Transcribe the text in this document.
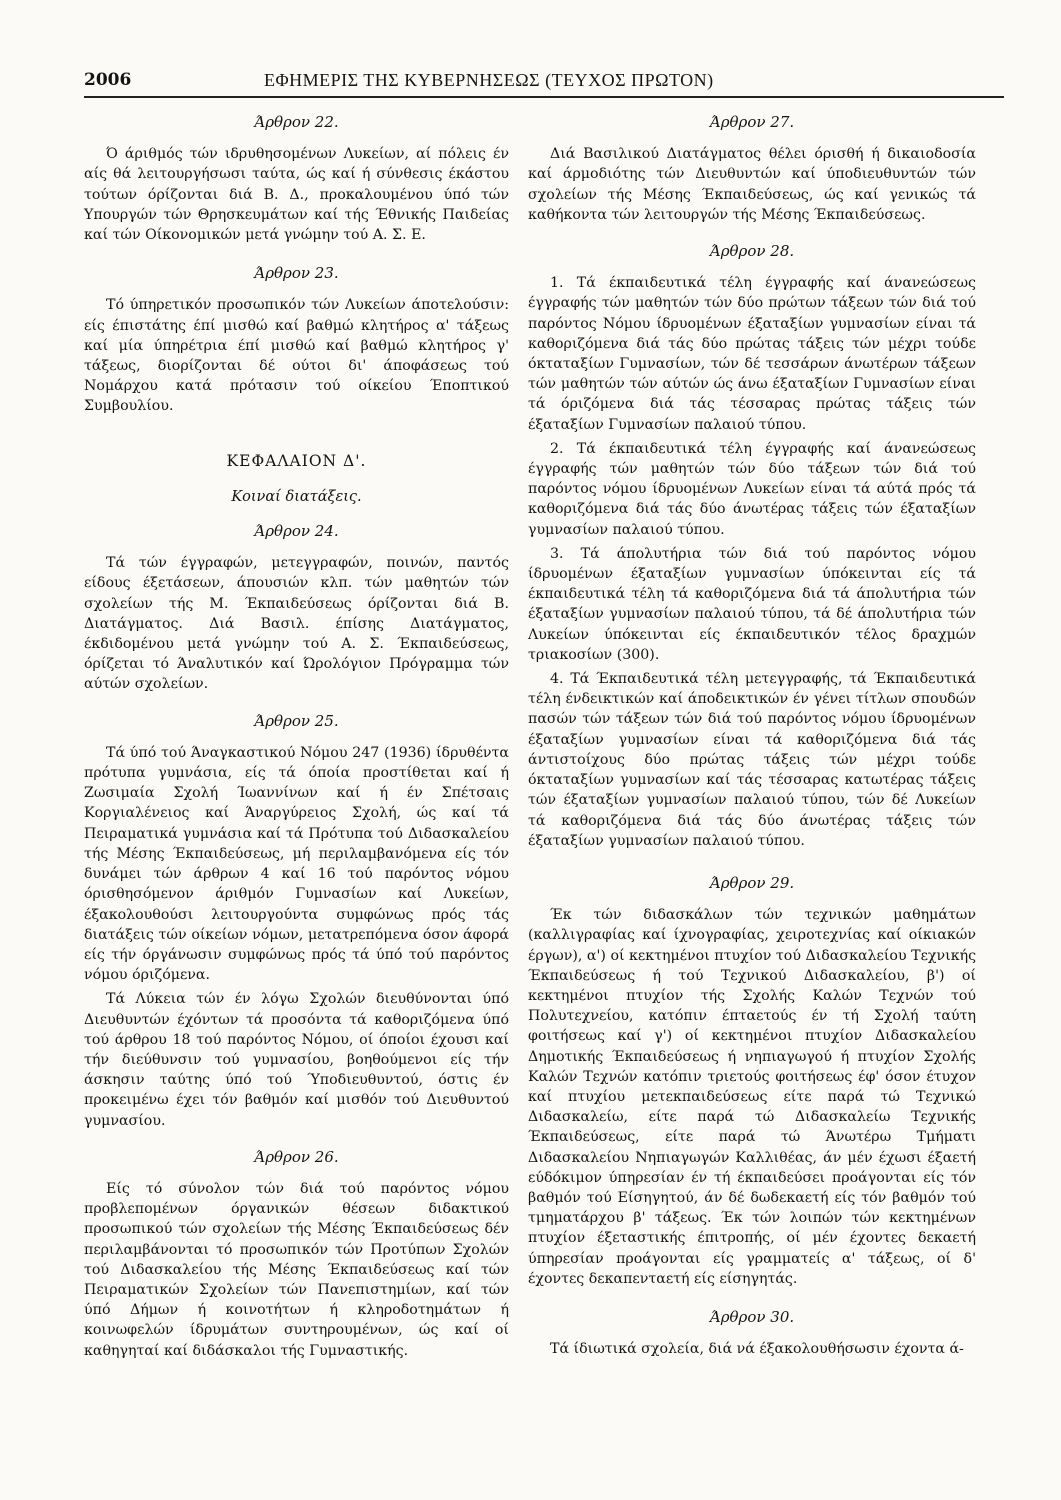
2006	ΕΦΗΜΕΡΙΣ ΤΗΣ ΚΥΒΕΡΝΗΣΕΩΣ (ΤΕΥΧΟΣ ΠΡΩΤΟΝ)
Άρθρον 22.

Ό άριθμός τών ιδρυθησομένων Λυκείων, αί πόλεις έν αίς θά λειτουργήσωσι ταύτα, ώς καί ή σύνθεσις έκάστου τούτων όρίζονται διά Β. Δ., προκαλουμένου ύπό τών Υπουργών τών Θρησκευμάτων καί τής Έθνικής Παιδείας καί τών Οίκονομικών μετά γνώμην τού Α. Σ. Ε.

Άρθρον 23.

Τό ύπηρετικόν προσωπικόν τών Λυκείων άποτελούσιν: είς έπιστάτης έπί μισθώ καί βαθμώ κλητήρος α' τάξεως καί μία ύπηρέτρια έπί μισθώ καί βαθμώ κλητήρος γ' τάξεως, διορίζονται δέ ούτοι δι' άποφάσεως τού Νομάρχου κατά πρότασιν τού οίκείου Έποπτικού Συμβουλίου.

ΚΕΦΑΛΑΙΟΝ Δ'.
Κοιναί διατάξεις.
Άρθρον 24.

Τά τών έγγραφών, μετεγγραφών, ποινών, παντός είδους έξετάσεων, άπουσιών κλπ. τών μαθητών τών σχολείων τής Μ. Έκπαιδεύσεως όρίζονται διά Β. Διατάγματος. Διά Βασιλ. έπίσης Διατάγματος, έκδιδομένου μετά γνώμην τού Α. Σ. Έκπαιδεύσεως, όρίζεται τό Άναλυτικόν καί Ώρολόγιον Πρόγραμμα τών αύτών σχολείων.

Άρθρον 25.

Τά ύπό τού Άναγκαστικού Νόμου 247 (1936) ίδρυθέντα πρότυπα γυμνάσια, είς τά όποία προστίθεται καί ή Ζωσιμαία Σχολή Ίωαννίνων καί ή έν Σπέτσαις Κοργιαλένειος καί Άναργύρειος Σχολή, ώς καί τά Πειραματικά γυμνάσια καί τά Πρότυπα τού Διδασκαλείου τής Μέσης Έκπαιδεύσεως, μή περιλαμβανόμενα είς τόν δυνάμει τών άρθρων 4 καί 16 τού παρόντος νόμου όρισθησόμενον άριθμόν Γυμνασίων καί Λυκείων, έξακολουθούσι λειτουργούντα συμφώνως πρός τάς διατάξεις τών οίκείων νόμων, μετατρεπόμενα όσον άφορά είς τήν όργάνωσιν συμφώνως πρός τά ύπό τού παρόντος νόμου όριζόμενα.

Τά Λύκεια τών έν λόγω Σχολών διευθύνονται ύπό Διευθυντών έχόντων τά προσόντα τά καθοριζόμενα ύπό τού άρθρου 18 τού παρόντος Νόμου, οί όποίοι έχουσι καί τήν διεύθυνσιν τού γυμνασίου, βοηθούμενοι είς τήν άσκησιν ταύτης ύπό τού Ύποδιευθυντού, όστις έν προκειμένω έχει τόν βαθμόν καί μισθόν τού Διευθυντού γυμνασίου.

Άρθρον 26.

Είς τό σύνολον τών διά τού παρόντος νόμου προβλεπομένων όργανικών θέσεων διδακτικού προσωπικού τών σχολείων τής Μέσης Έκπαιδεύσεως δέν περιλαμβάνονται τό προσωπικόν τών Προτύπων Σχολών τού Διδασκαλείου τής Μέσης Έκπαιδεύσεως καί τών Πειραματικών Σχολείων τών Πανεπιστημίων, καί τών ύπό Δήμων ή κοινοτήτων ή κληροδοτημάτων ή κοινωφελών ίδρυμάτων συντηρουμένων, ώς καί οί καθηγηταί καί διδάσκαλοι τής Γυμναστικής.

Άρθρον 27.

Διά Βασιλικού Διατάγματος θέλει όρισθή ή δικαιοδοσία καί άρμοδιότης τών Διευθυντών καί ύποδιευθυντών τών σχολείων τής Μέσης Έκπαιδεύσεως, ώς καί γενικώς τά καθήκοντα τών λειτουργών τής Μέσης Έκπαιδεύσεως.

Άρθρον 28.

1. Τά έκπαιδευτικά τέλη έγγραφής καί άνανεώσεως έγγραφής τών μαθητών τών δύο πρώτων τάξεων τών διά τού παρόντος Νόμου ίδρυομένων έξαταξίων γυμνασίων είναι τά καθοριζόμενα διά τάς δύο πρώτας τάξεις τών μέχρι τούδε όκταταξίων Γυμνασίων, τών δέ τεσσάρων άνωτέρων τάξεων τών μαθητών τών αύτών ώς άνω έξαταξίων Γυμνασίων είναι τά όριζόμενα διά τάς τέσσαρας πρώτας τάξεις τών έξαταξίων Γυμνασίων παλαιού τύπου.

2. Τά έκπαιδευτικά τέλη έγγραφής καί άνανεώσεως έγγραφής τών μαθητών τών δύο τάξεων τών διά τού παρόντος νόμου ίδρυομένων Λυκείων είναι τά αύτά πρός τά καθοριζόμενα διά τάς δύο άνωτέρας τάξεις τών έξαταξίων γυμνασίων παλαιού τύπου.

3. Τά άπολυτήρια τών διά τού παρόντος νόμου ίδρυομένων έξαταξίων γυμνασίων ύπόκεινται είς τά έκπαιδευτικά τέλη τά καθοριζόμενα διά τά άπολυτήρια τών έξαταξίων γυμνασίων παλαιού τύπου, τά δέ άπολυτήρια τών Λυκείων ύπόκεινται είς έκπαιδευτικόν τέλος δραχμών τριακοσίων (300).

4. Τά Έκπαιδευτικά τέλη μετεγγραφής, τά Έκπαιδευτικά τέλη ένδεικτικών καί άποδεικτικών έν γένει τίτλων σπουδών πασών τών τάξεων τών διά τού παρόντος νόμου ίδρυομένων έξαταξίων γυμνασίων είναι τά καθοριζόμενα διά τάς άντιστοίχους δύο πρώτας τάξεις τών μέχρι τούδε όκταταξίων γυμνασίων καί τάς τέσσαρας κατωτέρας τάξεις τών έξαταξίων γυμνασίων παλαιού τύπου, τών δέ Λυκείων τά καθοριζόμενα διά τάς δύο άνωτέρας τάξεις τών έξαταξίων γυμνασίων παλαιού τύπου.

Άρθρον 29.

Έκ τών διδασκάλων τών τεχνικών μαθημάτων (καλλιγραφίας καί ίχνογραφίας, χειροτεχνίας καί οίκιακών έργων), α') οί κεκτημένοι πτυχίον τού Διδασκαλείου Τεχνικής Έκπαιδεύσεως ή τού Τεχνικού Διδασκαλείου, β') οί κεκτημένοι πτυχίον τής Σχολής Καλών Τεχνών τού Πολυτεχνείου, κατόπιν έπταετούς έν τή Σχολή ταύτη φοιτήσεως καί γ') οί κεκτημένοι πτυχίον Διδασκαλείου Δημοτικής Έκπαιδεύσεως ή νηπιαγωγού ή πτυχίον Σχολής Καλών Τεχνών κατόπιν τριετούς φοιτήσεως έφ' όσον έτυχον καί πτυχίου μετεκπαιδεύσεως είτε παρά τώ Τεχνικώ Διδασκαλείω, είτε παρά τώ Διδασκαλείω Τεχνικής Έκπαιδεύσεως, είτε παρά τώ Άνωτέρω Τμήματι Διδασκαλείου Νηπιαγωγών Καλλιθέας, άν μέν έχωσι έξαετή εύδόκιμον ύπηρεσίαν έν τή έκπαιδεύσει προάγονται είς τόν βαθμόν τού Είσηγητού, άν δέ δωδεκαετή είς τόν βαθμόν τού τμηματάρχου β' τάξεως. Έκ τών λοιπών τών κεκτημένων πτυχίον έξεταστικής έπιτροπής, οί μέν έχοντες δεκαετή ύπηρεσίαν προάγονται είς γραμματείς α' τάξεως, οί δ' έχοντες δεκαπενταετή είς είσηγητάς.

Άρθρον 30.

Τά ίδιωτικά σχολεία, διά νά έξακολουθήσωσιν έχοντα ά-
